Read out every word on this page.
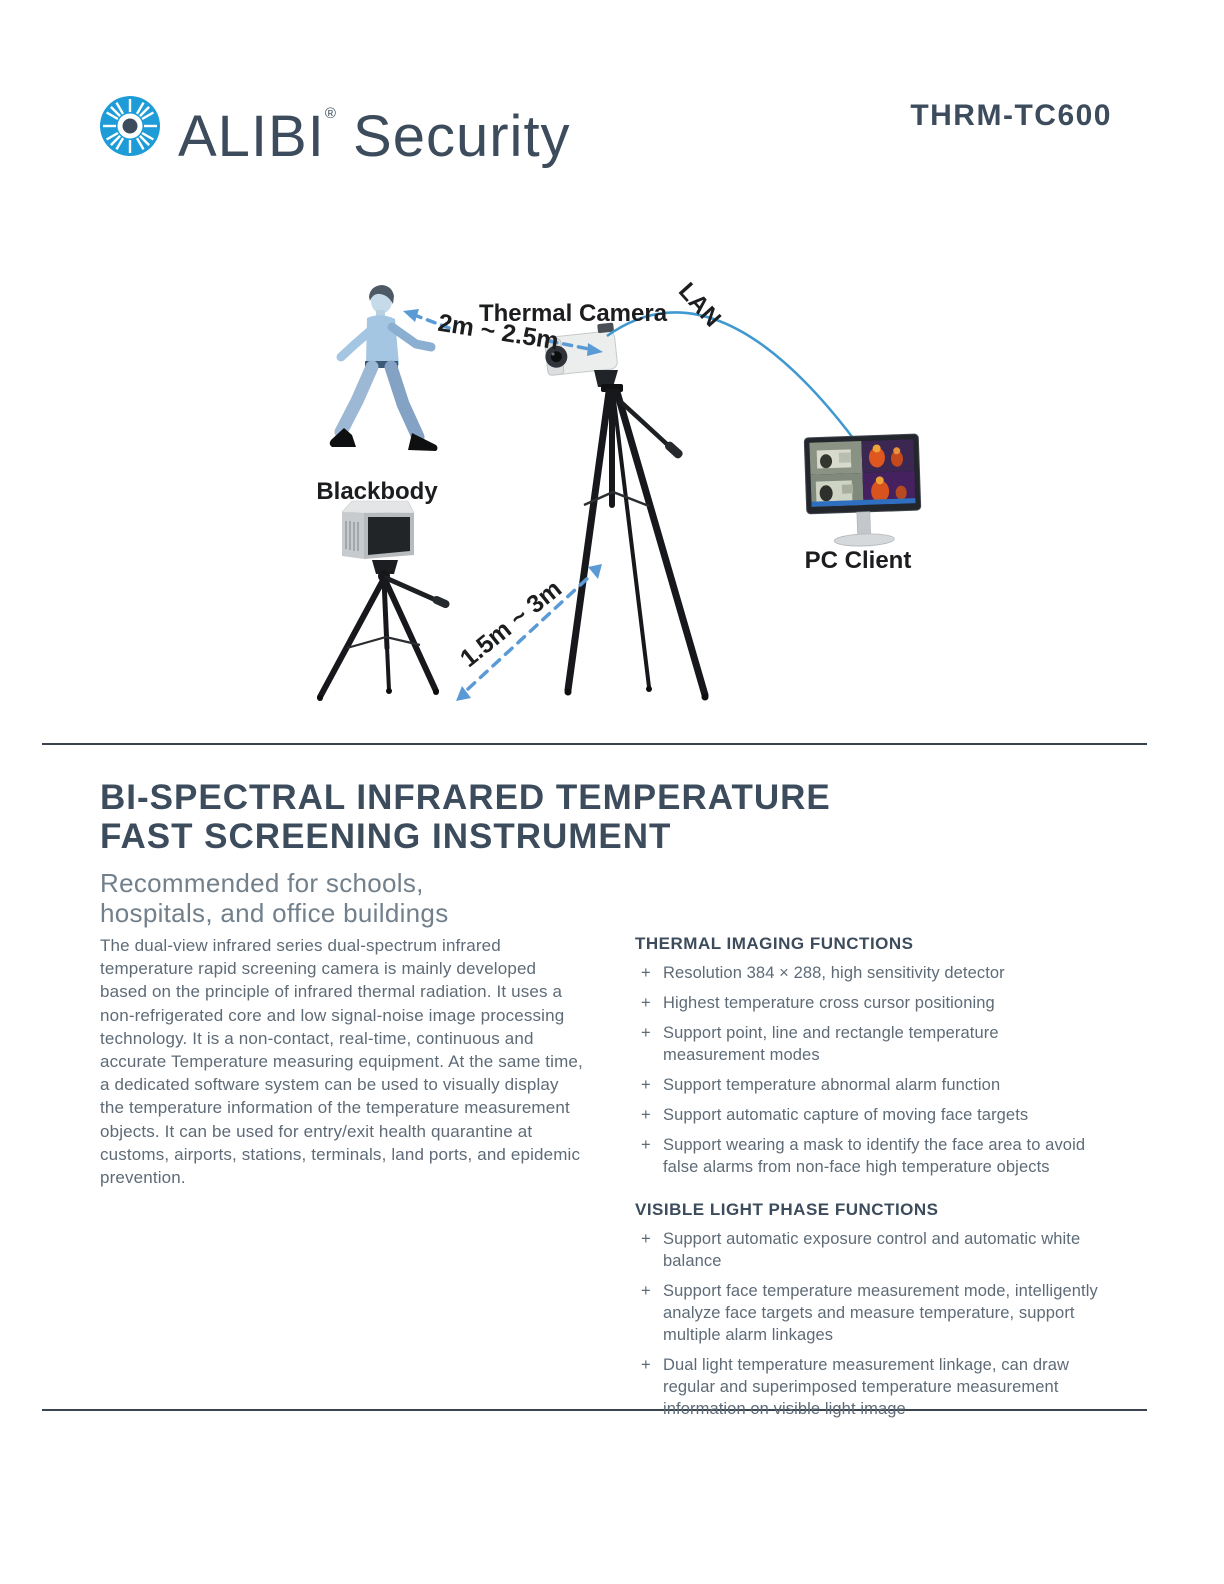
ALIBI® Security	THRM-TC600
Thermal Camera LAN
2m ~ 2.5m
Blackbody
PC Client
1.5m ~ 3m
BI-SPECTRAL INFRARED TEMPERATURE
FAST SCREENING INSTRUMENT
Recommended for schools,
hospitals, and office buildings

The dual-view infrared series dual-spectrum infrared temperature rapid screening camera is mainly developed based on the principle of infrared thermal radiation. It uses a non-refrigerated core and low signal-noise image processing technology. It is a non-contact, real-time, continuous and accurate Temperature measuring equipment. At the same time, a dedicated software system can be used to visually display the temperature information of the temperature measurement objects. It can be used for entry/exit health quarantine at customs, airports, stations, terminals, land ports, and epidemic prevention.

THERMAL IMAGING FUNCTIONS
+ Resolution 384 × 288, high sensitivity detector
+ Highest temperature cross cursor positioning
+ Support point, line and rectangle temperature measurement modes
+ Support temperature abnormal alarm function
+ Support automatic capture of moving face targets
+ Support wearing a mask to identify the face area to avoid false alarms from non-face high temperature objects
VISIBLE LIGHT PHASE FUNCTIONS
+ Support automatic exposure control and automatic white balance
+ Support face temperature measurement mode, intelligently analyze face targets and measure temperature, support multiple alarm linkages
+ Dual light temperature measurement linkage, can draw regular and superimposed temperature measurement information on visible light image
